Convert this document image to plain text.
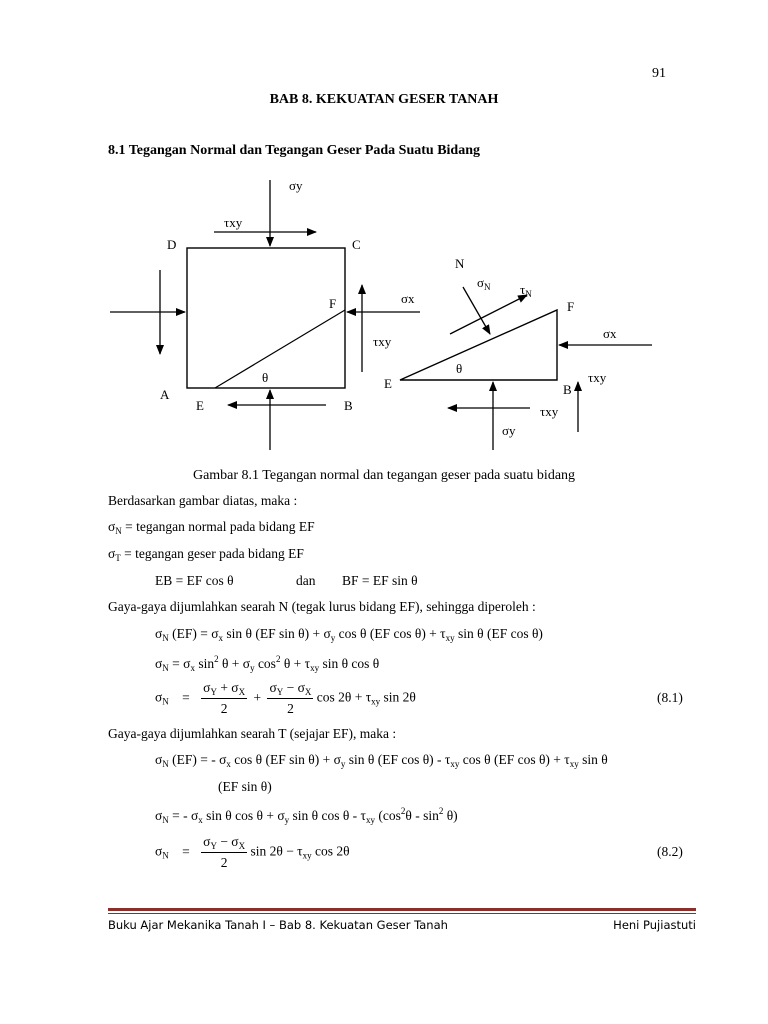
91
BAB 8. KEKUATAN GESER TANAH
8.1 Tegangan Normal dan Tegangan Geser Pada Suatu Bidang
σy
τxy
D	C
F	σx
τxy
θ
A
E	B
N
$\sigma_N$ $\tau_N$
F
σx
θ
τxy
E	B
τxy
σy
Gambar 8.1 Tegangan normal dan tegangan geser pada suatu bidang
Berdasarkan gambar diatas, maka :
$\sigma_N$ = tegangan normal pada bidang EF
$\sigma_T$ = tegangan geser pada bidang EF
EB = EF cos θ	dan BF = EF sin θ
Gaya-gaya dijumlahkan searah N (tegak lurus bidang EF), sehingga diperoleh :
$\sigma_N$ $(EF) = \sigma_x$ sin θ (EF $\sin \theta) + \sigma_y$ cos θ (EF $\cos \theta) + \tau_{xy}$ sin θ (EF cos θ)
$\sigma_N = \sigma_x$ $\sin^2 \theta + \sigma_y$ $\cos^2 \theta + \tau_{xy}$ sin θ cos θ
$\sigma_N = \frac{\sigma_Y + \sigma_X}{2} + \frac{\sigma_Y - \sigma_X}{2}$ $\cos 2\theta + \tau_{xy}$ sin 2θ	(8.1)
Gaya-gaya dijumlahkan searah T (sejajar EF), maka :
$\sigma_N$ (EF) = - $\sigma_x$ cos θ (EF $\sin \theta) + \sigma_y$ sin θ (EF $\cos \theta) - \tau_{xy}$ cos θ (EF $\cos \theta) + \tau_{xy}$ sin θ
(EF sin θ)
$\sigma_N$ = - $\sigma_x$ sin θ $\cos \theta + \sigma_y$ sin θ cos θ - $\tau_{xy}$ $(\cos^2\theta - \sin^2 \theta)$
$\sigma_N = \frac{\sigma_Y - \sigma_X}{2}$ $\sin 2\theta - \tau_{xy}$ cos 2θ	(8.2)
Buku Ajar Mekanika Tanah I – Bab 8. Kekuatan Geser Tanah	Heni Pujiastuti
